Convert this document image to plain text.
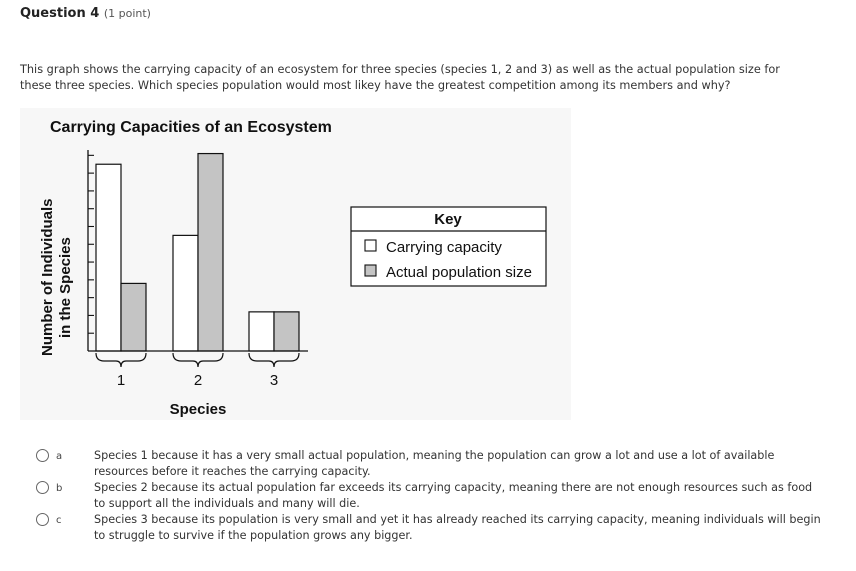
Question 4 (1 point)
This graph shows the carrying capacity of an ecosystem for three species (species 1, 2 and 3) as well as the actual population size for these three species. Which species population would most likey have the greatest competition among its members and why?
Carrying Capacities of an Ecosystem
Number of Individuals in the Species
1	2	3
Species
Key
Carrying capacity
Actual population size
a	Species 1 because it has a very small actual population, meaning the population can grow a lot and use a lot of available resources before it reaches the carrying capacity.
b	Species 2 because its actual population far exceeds its carrying capacity, meaning there are not enough resources such as food to support all the individuals and many will die.
c	Species 3 because its population is very small and yet it has already reached its carrying capacity, meaning individuals will begin to struggle to survive if the population grows any bigger.
